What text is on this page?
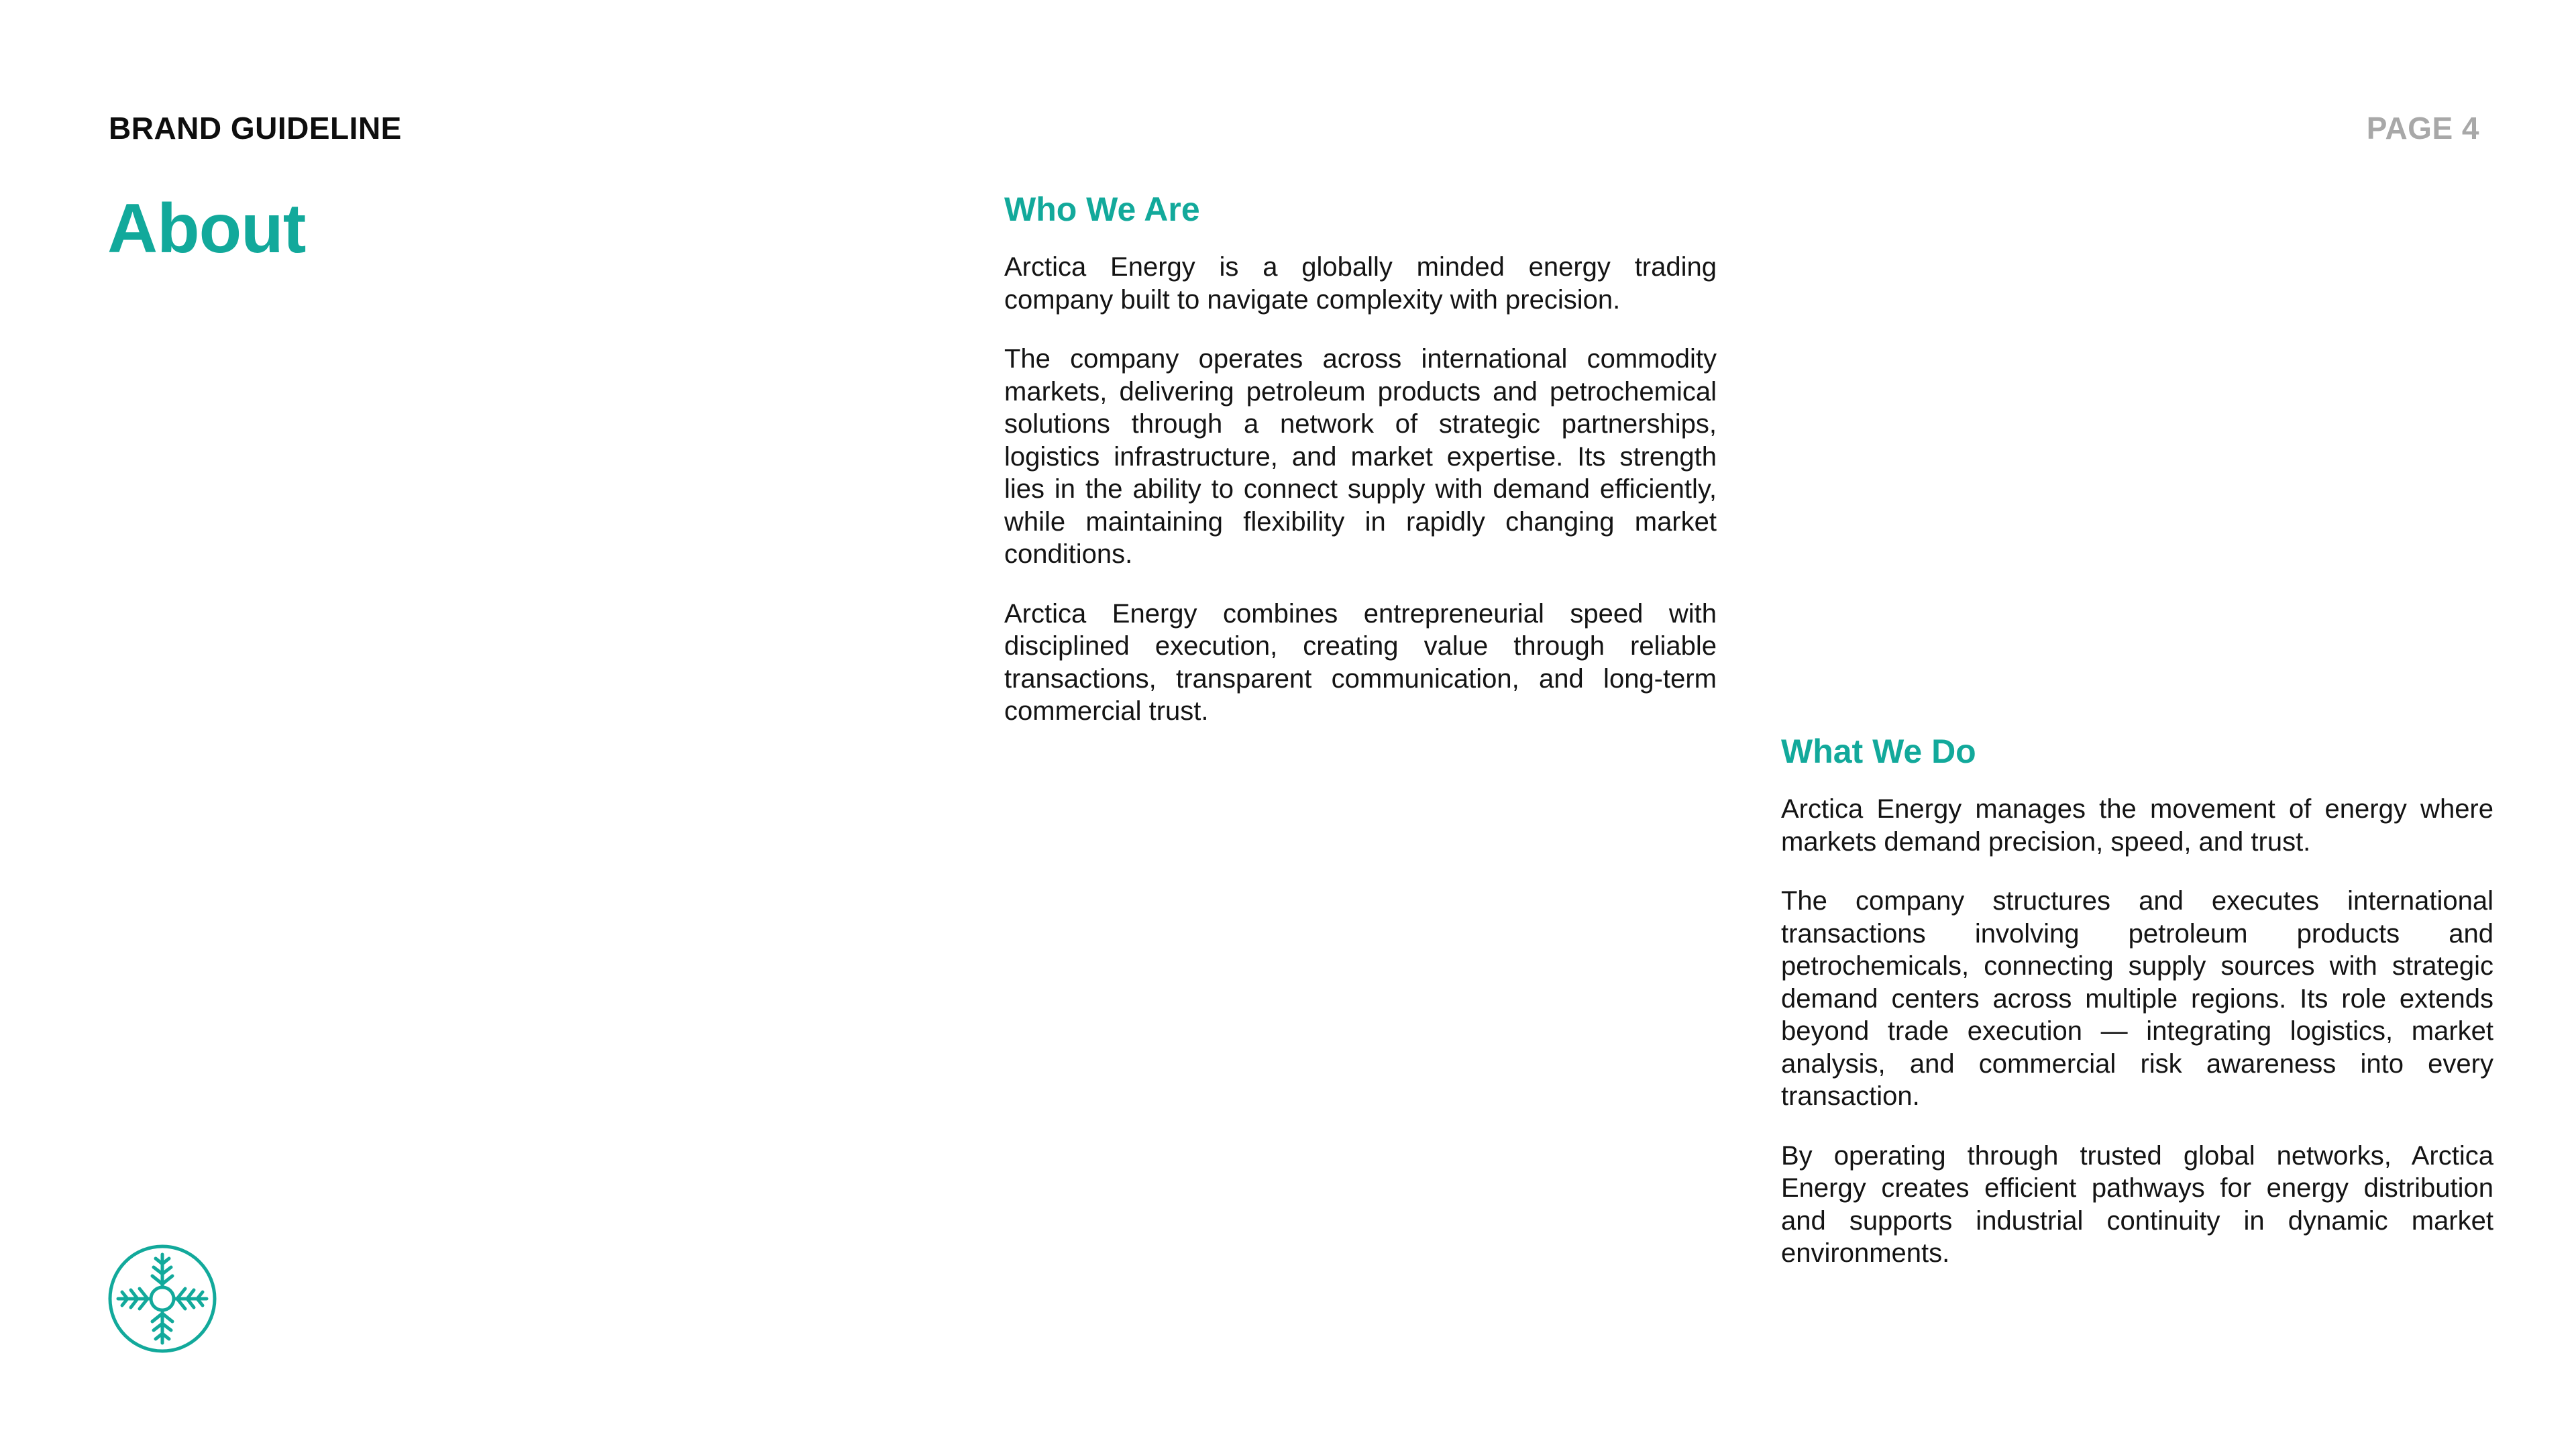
BRAND GUIDELINE	PAGE 4
About	Who We Are

Arctica Energy is a globally minded energy trading company built to navigate complexity with precision.

The company operates across international commodity markets, delivering petroleum products and petrochemical solutions through a network of strategic partnerships, logistics infrastructure, and market expertise. Its strength lies in the ability to connect supply with demand efficiently, while maintaining flexibility in rapidly changing market conditions.

Arctica Energy combines entrepreneurial speed with disciplined execution, creating value through reliable transactions, transparent communication, and long-term commercial trust.

What We Do

Arctica Energy manages the movement of energy where markets demand precision, speed, and trust.

The company structures and executes international transactions involving petroleum products and petrochemicals, connecting supply sources with strategic demand centers across multiple regions. Its role extends beyond trade execution — integrating logistics, market analysis, and commercial risk awareness into every transaction.

By operating through trusted global networks, Arctica Energy creates efficient pathways for energy distribution and supports industrial continuity in dynamic market environments.
